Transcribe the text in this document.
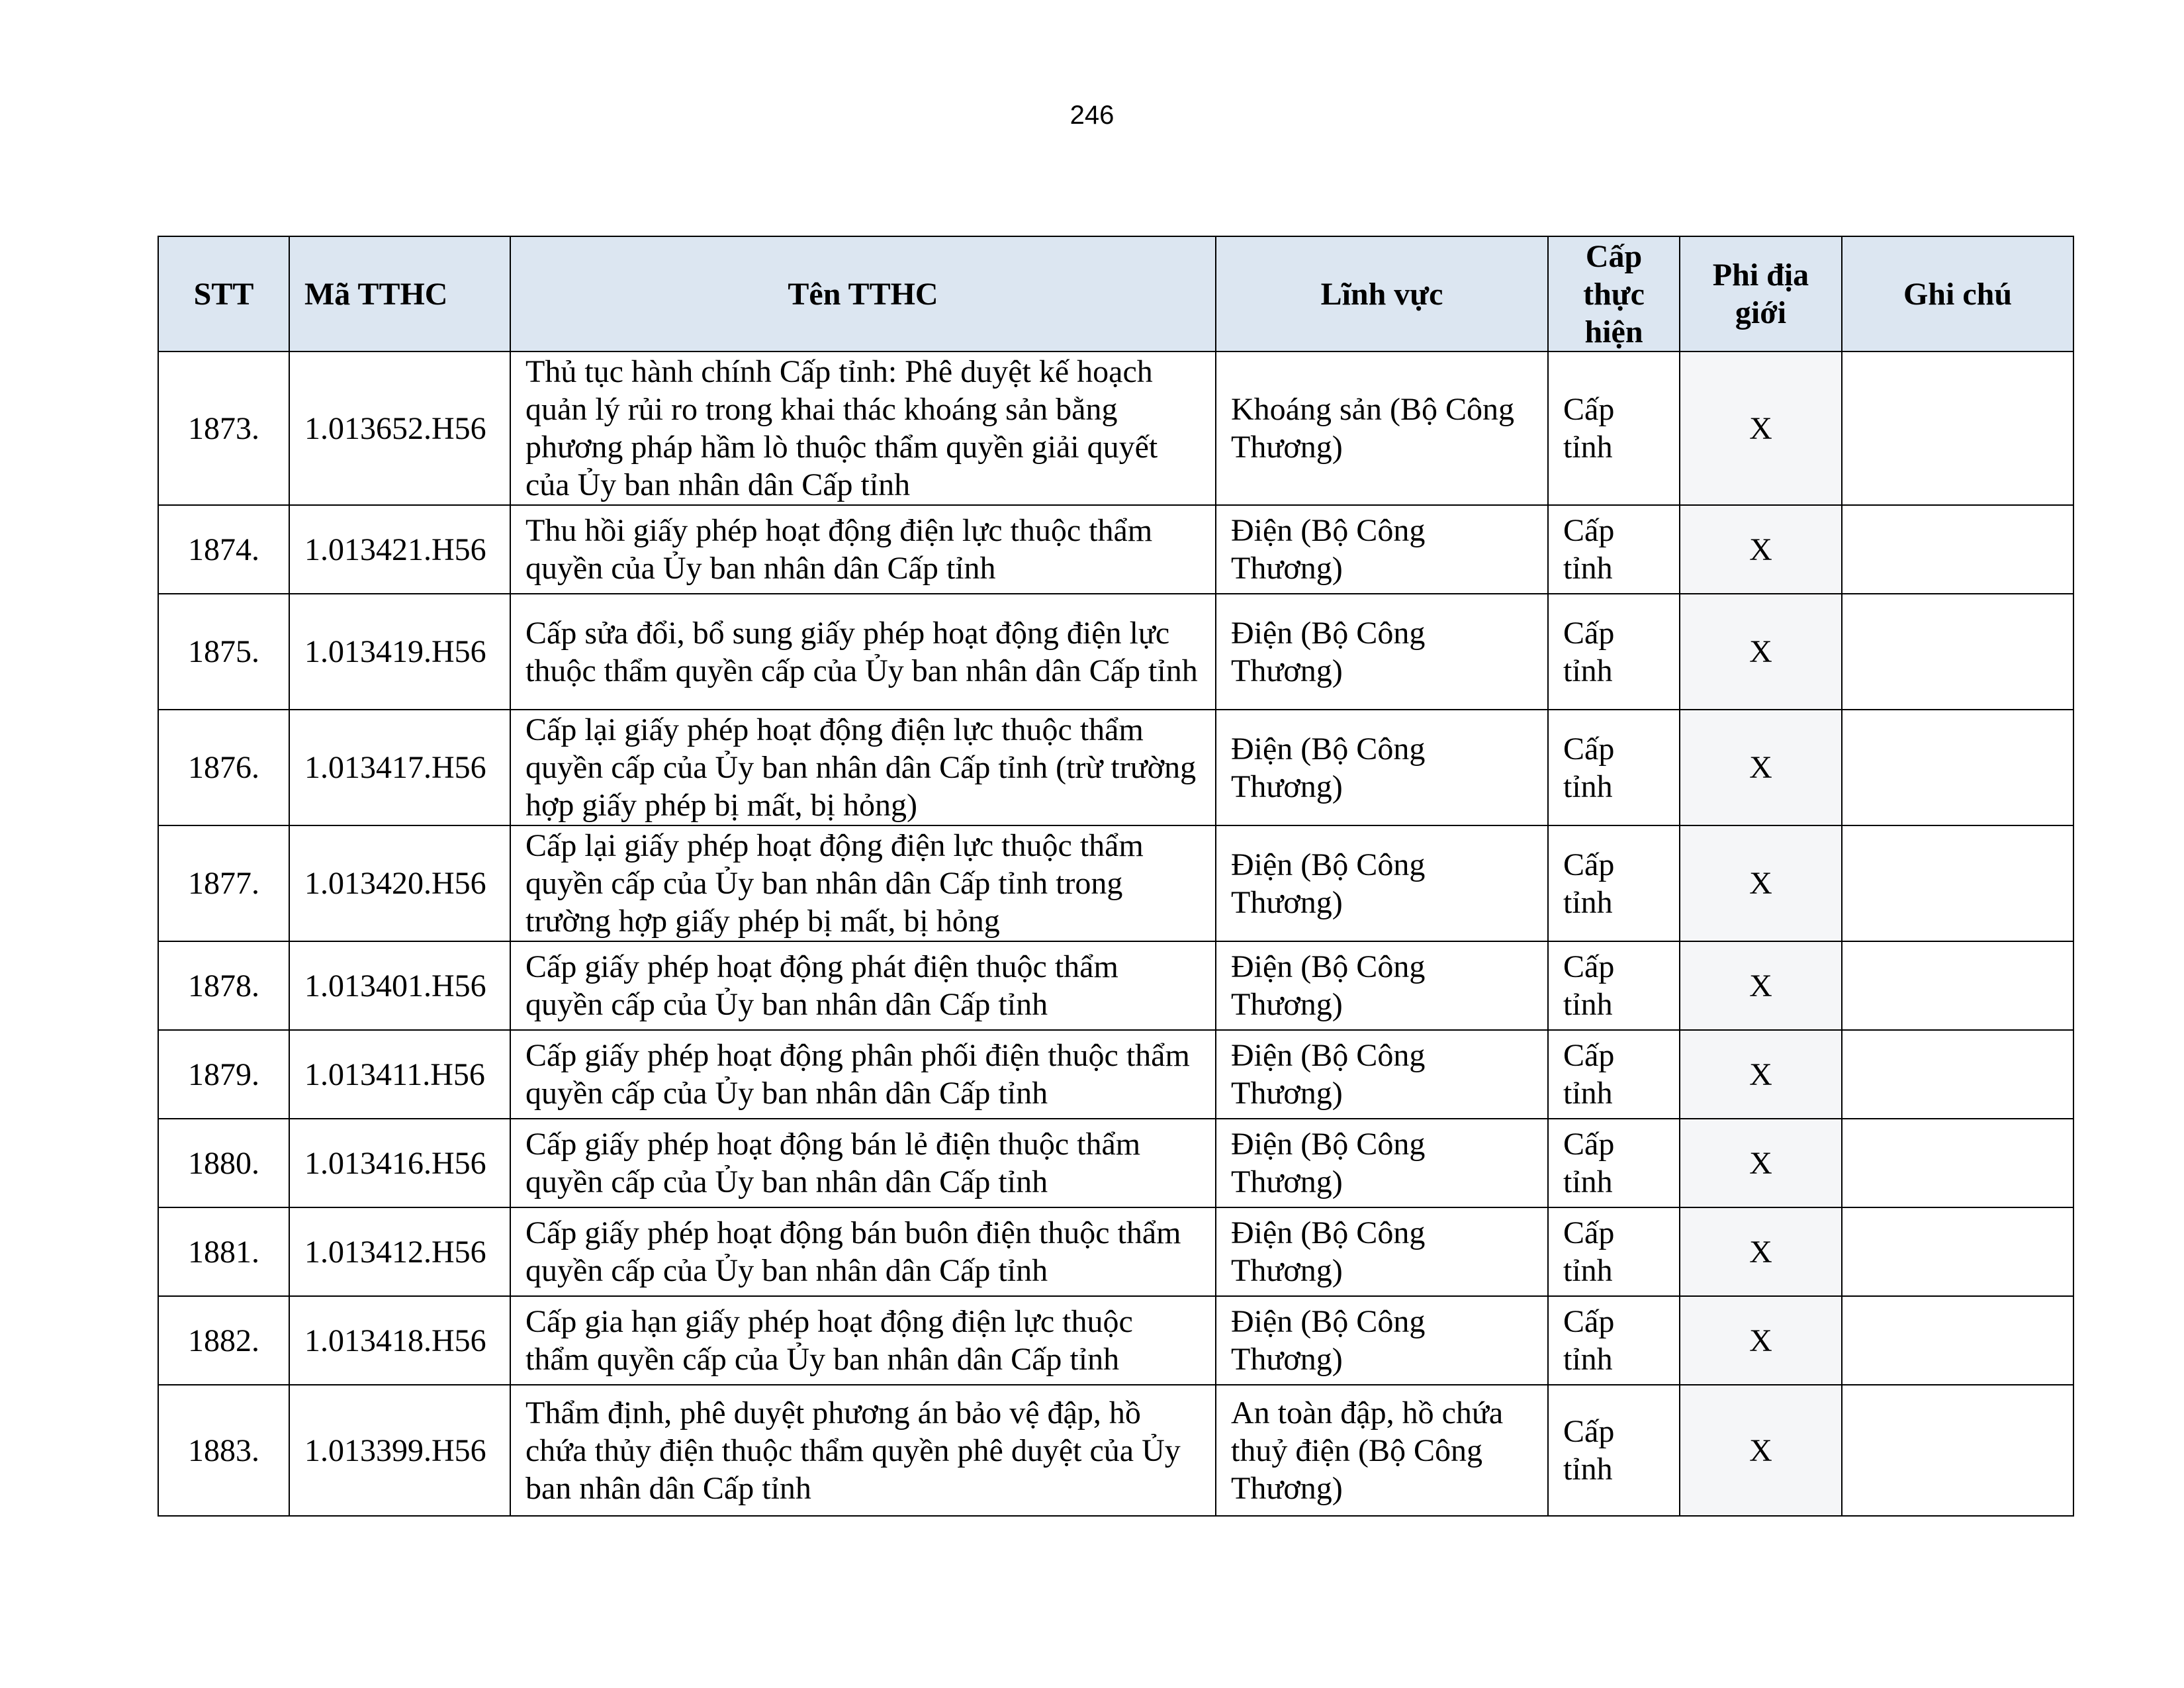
246
STT	Mã TTHC	Tên TTHC	Lĩnh vực	Cấp thực hiện	Phi địa giới	Ghi chú
1873.	1.013652.H56	Thủ tục hành chính Cấp tỉnh: Phê duyệt kế hoạch quản lý rủi ro trong khai thác khoáng sản bằng phương pháp hầm lò thuộc thẩm quyền giải quyết của Ủy ban nhân dân Cấp tỉnh	Khoáng sản (Bộ Công Thương)	Cấp tỉnh	X	
1874.	1.013421.H56	Thu hồi giấy phép hoạt động điện lực thuộc thẩm quyền của Ủy ban nhân dân Cấp tỉnh	Điện (Bộ Công Thương)	Cấp tỉnh	X	
1875.	1.013419.H56	Cấp sửa đổi, bổ sung giấy phép hoạt động điện lực thuộc thẩm quyền cấp của Ủy ban nhân dân Cấp tỉnh	Điện (Bộ Công Thương)	Cấp tỉnh	X	
1876.	1.013417.H56	Cấp lại giấy phép hoạt động điện lực thuộc thẩm quyền cấp của Ủy ban nhân dân Cấp tỉnh (trừ trường hợp giấy phép bị mất, bị hỏng)	Điện (Bộ Công Thương)	Cấp tỉnh	X	
1877.	1.013420.H56	Cấp lại giấy phép hoạt động điện lực thuộc thẩm quyền cấp của Ủy ban nhân dân Cấp tỉnh trong trường hợp giấy phép bị mất, bị hỏng	Điện (Bộ Công Thương)	Cấp tỉnh	X	
1878.	1.013401.H56	Cấp giấy phép hoạt động phát điện thuộc thẩm quyền cấp của Ủy ban nhân dân Cấp tỉnh	Điện (Bộ Công Thương)	Cấp tỉnh	X	
1879.	1.013411.H56	Cấp giấy phép hoạt động phân phối điện thuộc thẩm quyền cấp của Ủy ban nhân dân Cấp tỉnh	Điện (Bộ Công Thương)	Cấp tỉnh	X	
1880.	1.013416.H56	Cấp giấy phép hoạt động bán lẻ điện thuộc thẩm quyền cấp của Ủy ban nhân dân Cấp tỉnh	Điện (Bộ Công Thương)	Cấp tỉnh	X	
1881.	1.013412.H56	Cấp giấy phép hoạt động bán buôn điện thuộc thẩm quyền cấp của Ủy ban nhân dân Cấp tỉnh	Điện (Bộ Công Thương)	Cấp tỉnh	X	
1882.	1.013418.H56	Cấp gia hạn giấy phép hoạt động điện lực thuộc thẩm quyền cấp của Ủy ban nhân dân Cấp tỉnh	Điện (Bộ Công Thương)	Cấp tỉnh	X	
1883.	1.013399.H56	Thẩm định, phê duyệt phương án bảo vệ đập, hồ chứa thủy điện thuộc thẩm quyền phê duyệt của Ủy ban nhân dân Cấp tỉnh	An toàn đập, hồ chứa thuỷ điện (Bộ Công Thương)	Cấp tỉnh	X	
